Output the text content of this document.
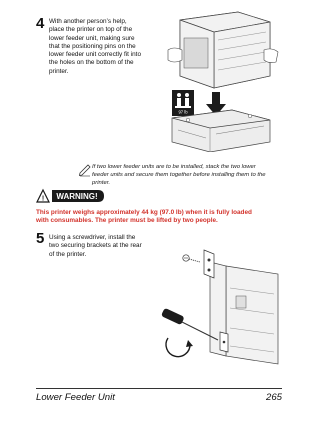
4 With another person’s help,
place the printer on top of the
lower feeder unit, making sure
that the positioning pins on the
lower feeder unit correctly fit into
the holes on the bottom of the
printer.
97 lb
If two lower feeder units are to be installed, stack the two lower
feeder units and secure them together before installing them to the
printer.
! WARNING!
This printer weighs approximately 44 kg (97.0 lb) when it is fully loaded
with consumables. The printer must be lifted by two people.
5 Using a screwdriver, install the
two securing brackets at the rear
of the printer.
Lower Feeder Unit	265
